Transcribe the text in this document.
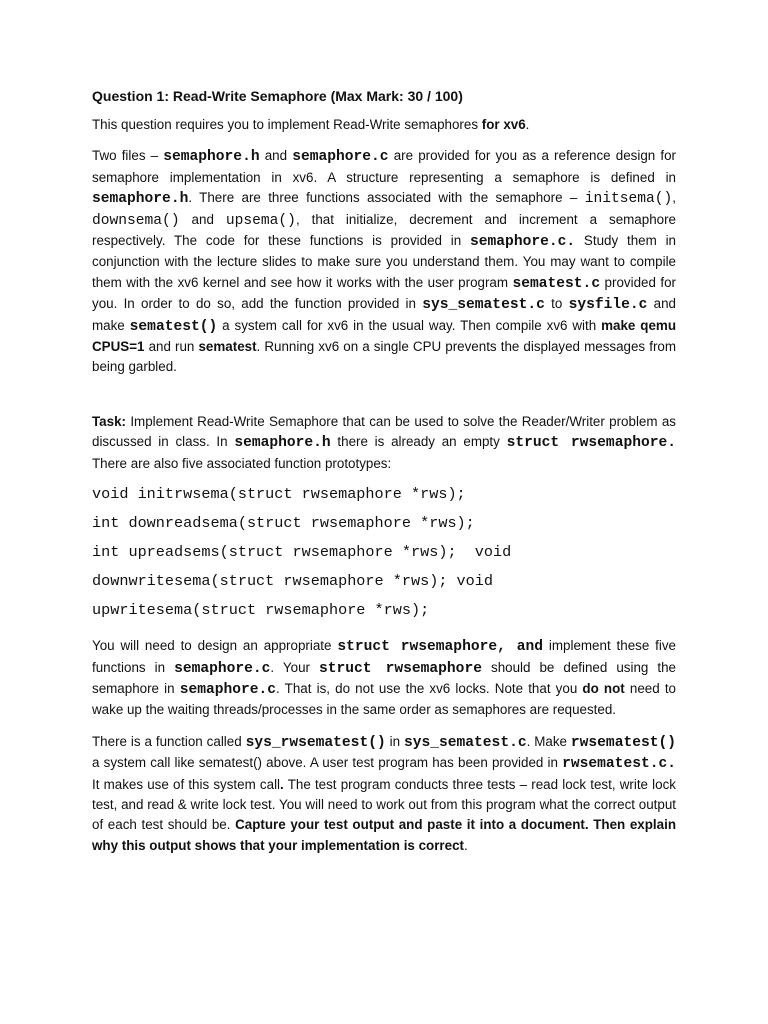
Question 1: Read-Write Semaphore (Max Mark: 30 / 100)

This question requires you to implement Read-Write semaphores for xv6.

Two files – semaphore.h and semaphore.c are provided for you as a reference design for semaphore implementation in xv6. A structure representing a semaphore is defined in semaphore.h. There are three functions associated with the semaphore – initsema(), downsema() and upsema(), that initialize, decrement and increment a semaphore respectively. The code for these functions is provided in semaphore.c. Study them in conjunction with the lecture slides to make sure you understand them. You may want to compile them with the xv6 kernel and see how it works with the user program sematest.c provided for you. In order to do so, add the function provided in sys_sematest.c to sysfile.c and make sematest() a system call for xv6 in the usual way. Then compile xv6 with make qemu CPUS=1 and run sematest. Running xv6 on a single CPU prevents the displayed messages from being garbled.

Task: Implement Read-Write Semaphore that can be used to solve the Reader/Writer problem as discussed in class. In semaphore.h there is already an empty struct rwsemaphore. There are also five associated function prototypes:

void initrwsema(struct rwsemaphore *rws);
int downreadsema(struct rwsemaphore *rws);
int upreadsems(struct rwsemaphore *rws);  void
downwritesema(struct rwsemaphore *rws); void
upwritesema(struct rwsemaphore *rws);

You will need to design an appropriate struct rwsemaphore, and implement these five functions in semaphore.c. Your struct rwsemaphore should be defined using the semaphore in semaphore.c. That is, do not use the xv6 locks. Note that you do not need to wake up the waiting threads/processes in the same order as semaphores are requested.

There is a function called sys_rwsematest() in sys_sematest.c. Make rwsematest() a system call like sematest() above. A user test program has been provided in rwsematest.c. It makes use of this system call. The test program conducts three tests – read lock test, write lock test, and read & write lock test. You will need to work out from this program what the correct output of each test should be. Capture your test output and paste it into a document. Then explain why this output shows that your implementation is correct.
